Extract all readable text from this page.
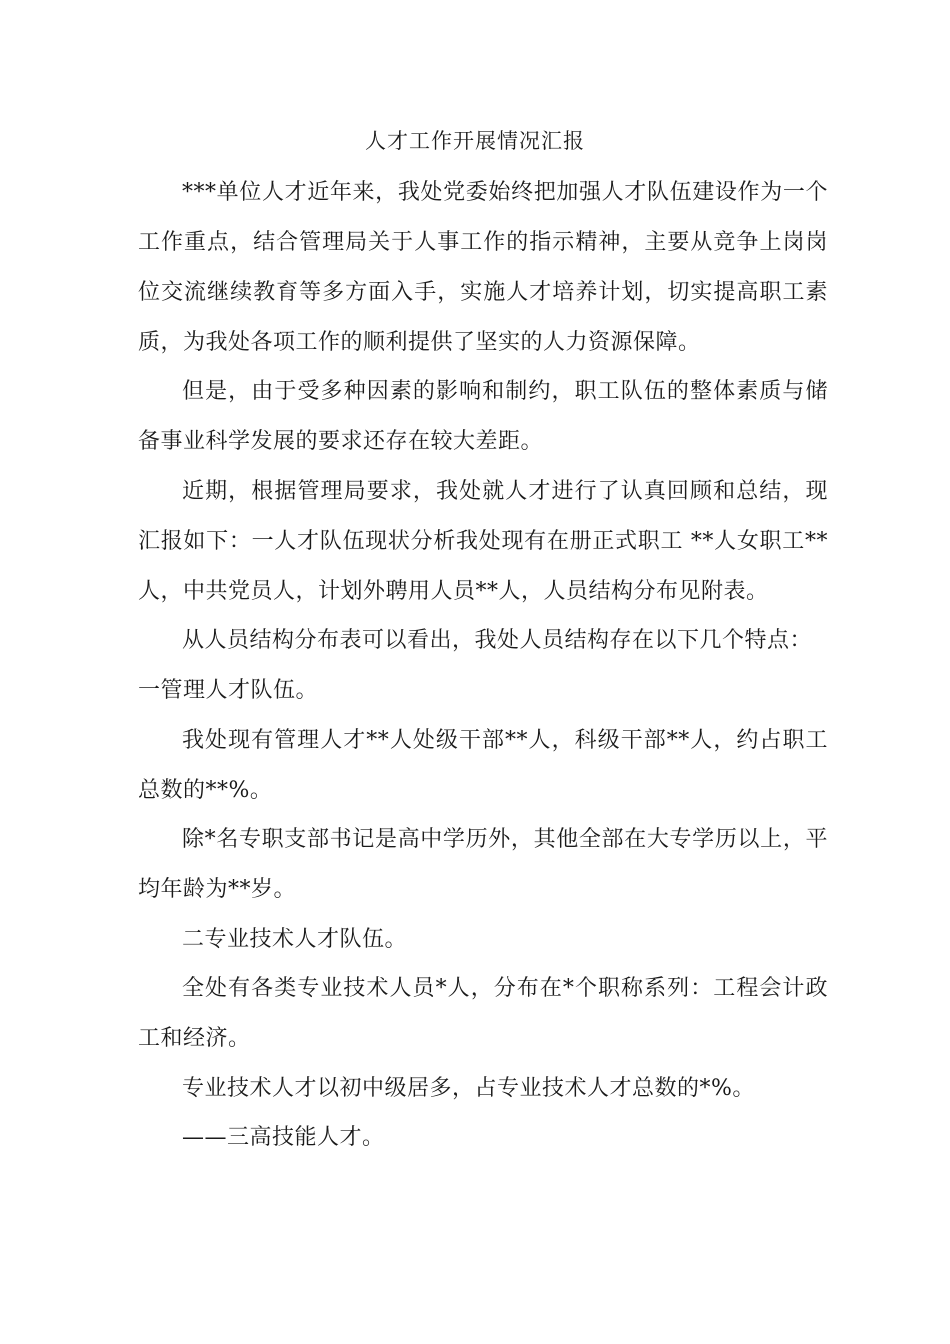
人才工作开展情况汇报
***单位人才近年来，我处党委始终把加强人才队伍建设作为一个
工作重点，结合管理局关于人事工作的指示精神，主要从竞争上岗岗
位交流继续教育等多方面入手，实施人才培养计划，切实提高职工素
质，为我处各项工作的顺利提供了坚实的人力资源保障。
但是，由于受多种因素的影响和制约，职工队伍的整体素质与储
备事业科学发展的要求还存在较大差距。
近期，根据管理局要求，我处就人才进行了认真回顾和总结，现
汇报如下：一人才队伍现状分析我处现有在册正式职工 **人女职工**
人，中共党员人，计划外聘用人员**人，人员结构分布见附表。
从人员结构分布表可以看出，我处人员结构存在以下几个特点：
一管理人才队伍。
我处现有管理人才**人处级干部**人，科级干部**人，约占职工
总数的**%。
除*名专职支部书记是高中学历外，其他全部在大专学历以上，平
均年龄为**岁。
二专业技术人才队伍。
全处有各类专业技术人员*人，分布在*个职称系列：工程会计政
工和经济。
专业技术人才以初中级居多，占专业技术人才总数的*%。
——三高技能人才。
